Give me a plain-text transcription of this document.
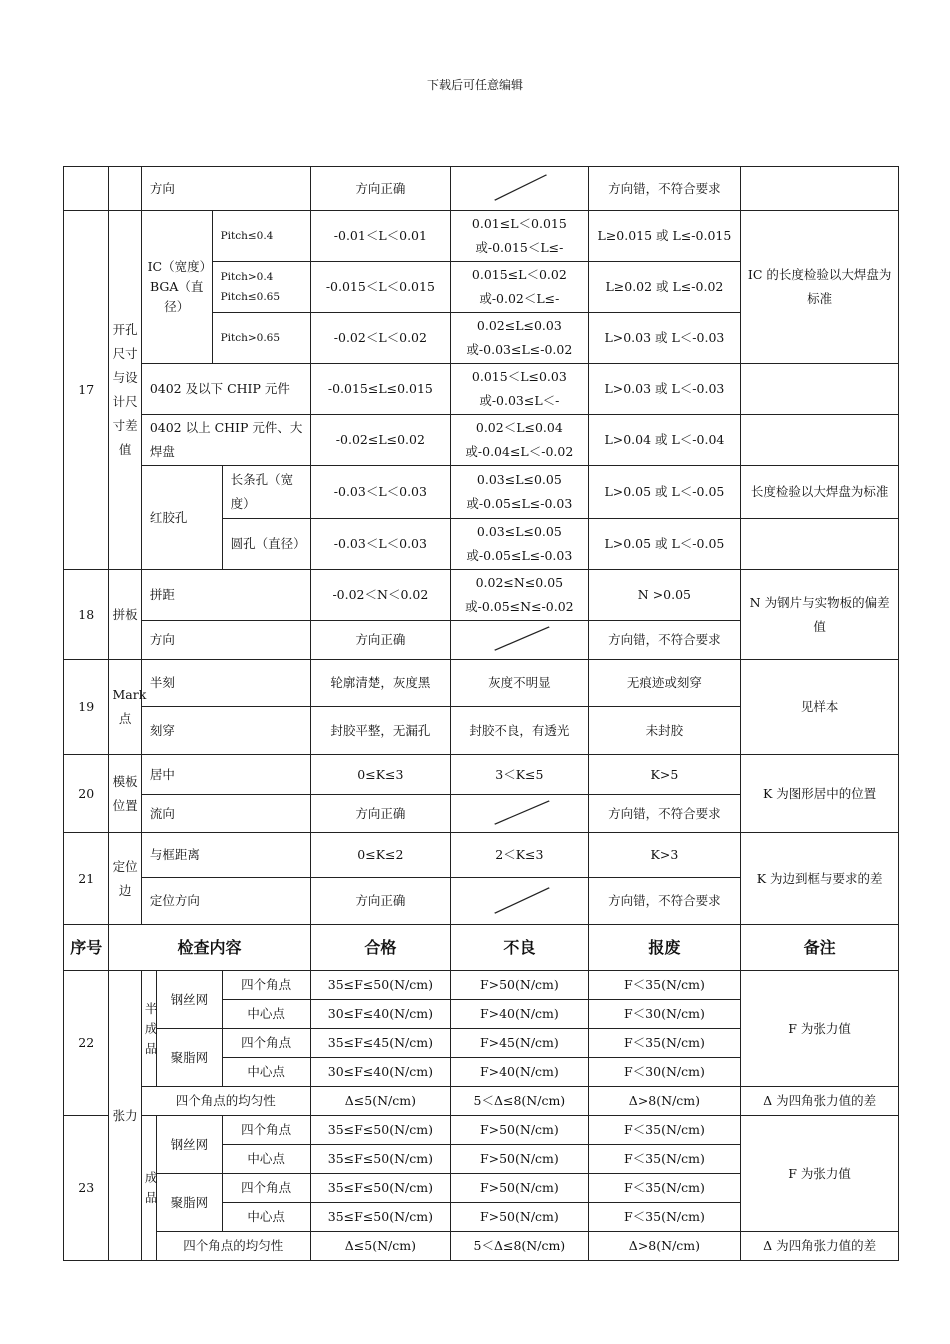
下载后可任意编辑
		方向				方向正确		方向错，不符合要求	
17	开孔尺寸与设计尺寸差值	IC（宽度）BGA（直径）		Pitch≤0.4		-0.01＜L＜0.01	0.01≤L＜0.015 或-0.015＜L≤-	L≥0.015 或 L≤-0.015	IC 的长度检验以大焊盘为标准
				Pitch>0.4 Pitch≤0.65		-0.015＜L＜0.015	0.015≤L＜0.02 或-0.02＜L≤-	L≥0.02 或 L≤-0.02	
				Pitch>0.65		-0.02＜L＜0.02	0.02≤L≤0.03 或-0.03≤L≤-0.02	L>0.03 或 L＜-0.03	
		0402 及以下 CHIP 元件				-0.015≤L≤0.015	0.015＜L≤0.03 或-0.03≤L＜-	L>0.03 或 L＜-0.03	
		0402 以上 CHIP 元件、大焊盘				-0.02≤L≤0.02	0.02＜L≤0.04 或-0.04≤L＜-0.02	L>0.04 或 L＜-0.04	
		红胶孔			长条孔（宽度）	-0.03＜L＜0.03	0.03≤L≤0.05 或-0.05≤L≤-0.03	L>0.05 或 L＜-0.05	长度检验以大焊盘为标准
					圆孔（直径）	-0.03＜L＜0.03	0.03≤L≤0.05 或-0.05≤L≤-0.03	L>0.05 或 L＜-0.05	
18	拼板	拼距				-0.02＜N＜0.02	0.02≤N≤0.05 或-0.05≤N≤-0.02	N >0.05	N 为钢片与实物板的偏差值
		方向				方向正确		方向错，不符合要求	
19	Mark 点	半刻				轮廓清楚，灰度黑	灰度不明显	无痕迹或刻穿	见样本
		刻穿				封胶平整，无漏孔	封胶不良，有透光	未封胶	
20	模板位置	居中				0≤K≤3	3＜K≤5	K>5	K 为图形居中的位置
		流向				方向正确		方向错，不符合要求	
21	定位边	与框距离				0≤K≤2	2＜K≤3	K>3	K 为边到框与要求的差
		定位方向				方向正确		方向错，不符合要求	
序号	检查内容					合格	不良	报废	备注
22	张力	半成品	钢丝网		四个角点	35≤F≤50(N/cm)	F>50(N/cm)	F＜35(N/cm)	F 为张力值
					中心点	30≤F≤40(N/cm)	F>40(N/cm)	F＜30(N/cm)	
			聚脂网		四个角点	35≤F≤45(N/cm)	F>45(N/cm)	F＜35(N/cm)	
					中心点	30≤F≤40(N/cm)	F>40(N/cm)	F＜30(N/cm)	
		四个角点的均匀性				Δ≤5(N/cm)	5＜Δ≤8(N/cm)	Δ>8(N/cm)	Δ 为四角张力值的差
23		成品	钢丝网		四个角点	35≤F≤50(N/cm)	F>50(N/cm)	F＜35(N/cm)	F 为张力值
					中心点	35≤F≤50(N/cm)	F>50(N/cm)	F＜35(N/cm)	
			聚脂网		四个角点	35≤F≤50(N/cm)	F>50(N/cm)	F＜35(N/cm)	
					中心点	35≤F≤50(N/cm)	F>50(N/cm)	F＜35(N/cm)	
			四个角点的均匀性			Δ≤5(N/cm)	5＜Δ≤8(N/cm)	Δ>8(N/cm)	Δ 为四角张力值的差
